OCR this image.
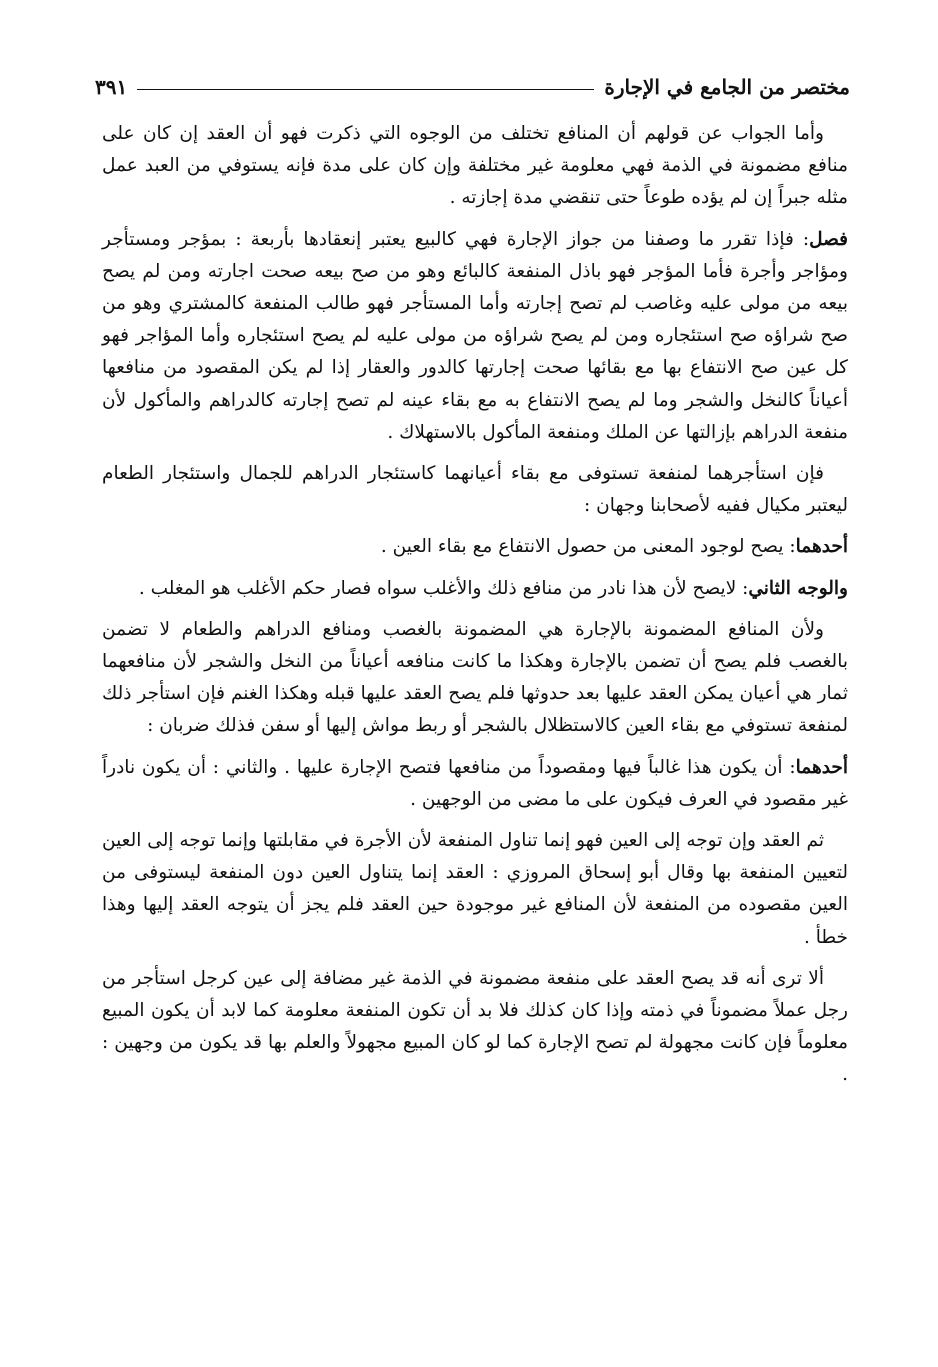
مختصر من الجامع في الإجارة
٣٩١

وأما الجواب عن قولهم أن المنافع تختلف من الوجوه التي ذكرت فهو أن العقد إن كان على منافع مضمونة في الذمة فهي معلومة غير مختلفة وإن كان على مدة فإنه يستوفي من العبد عمل مثله جبراً إن لم يؤده طوعاً حتى تنقضي مدة إجازته .

فصل: فإذا تقرر ما وصفنا من جواز الإجارة فهي كالبيع يعتبر إنعقادها بأربعة : بمؤجر ومستأجر ومؤاجر وأجرة فأما المؤجر فهو باذل المنفعة كالبائع وهو من صح بيعه صحت اجارته ومن لم يصح بيعه من مولى عليه وغاصب لم تصح إجارته وأما المستأجر فهو طالب المنفعة كالمشتري وهو من صح شراؤه صح استئجاره ومن لم يصح شراؤه من مولى عليه لم يصح استئجاره وأما المؤاجر فهو كل عين صح الانتفاع بها مع بقائها صحت إجارتها كالدور والعقار إذا لم يكن المقصود من منافعها أعياناً كالنخل والشجر وما لم يصح الانتفاع به مع بقاء عينه لم تصح إجارته كالدراهم والمأكول لأن منفعة الدراهم بإزالتها عن الملك ومنفعة المأكول بالاستهلاك .

فإن استأجرهما لمنفعة تستوفى مع بقاء أعيانهما كاستئجار الدراهم للجمال واستئجار الطعام ليعتبر مكيال ففيه لأصحابنا وجهان :

أحدهما: يصح لوجود المعنى من حصول الانتفاع مع بقاء العين .

والوجه الثاني: لايصح لأن هذا نادر من منافع ذلك والأغلب سواه فصار حكم الأغلب هو المغلب .

ولأن المنافع المضمونة بالإجارة هي المضمونة بالغصب ومنافع الدراهم والطعام لا تضمن بالغصب فلم يصح أن تضمن بالإجارة وهكذا ما كانت منافعه أعياناً من النخل والشجر لأن منافعهما ثمار هي أعيان يمكن العقد عليها بعد حدوثها فلم يصح العقد عليها قبله وهكذا الغنم فإن استأجر ذلك لمنفعة تستوفي مع بقاء العين كالاستظلال بالشجر أو ربط مواش إليها أو سفن فذلك ضربان :

أحدهما: أن يكون هذا غالباً فيها ومقصوداً من منافعها فتصح الإجارة عليها . والثاني : أن يكون نادراً غير مقصود في العرف فيكون على ما مضى من الوجهين .

ثم العقد وإن توجه إلى العين فهو إنما تناول المنفعة لأن الأجرة في مقابلتها وإنما توجه إلى العين لتعيين المنفعة بها وقال أبو إسحاق المروزي : العقد إنما يتناول العين دون المنفعة ليستوفى من العين مقصوده من المنفعة لأن المنافع غير موجودة حين العقد فلم يجز أن يتوجه العقد إليها وهذا خطأ .

ألا ترى أنه قد يصح العقد على منفعة مضمونة في الذمة غير مضافة إلى عين كرجل استأجر من رجل عملاً مضموناً في ذمته وإذا كان كذلك فلا بد أن تكون المنفعة معلومة كما لابد أن يكون المبيع معلوماً فإن كانت مجهولة لم تصح الإجارة كما لو كان المبيع مجهولاً والعلم بها قد يكون من وجهين : .
